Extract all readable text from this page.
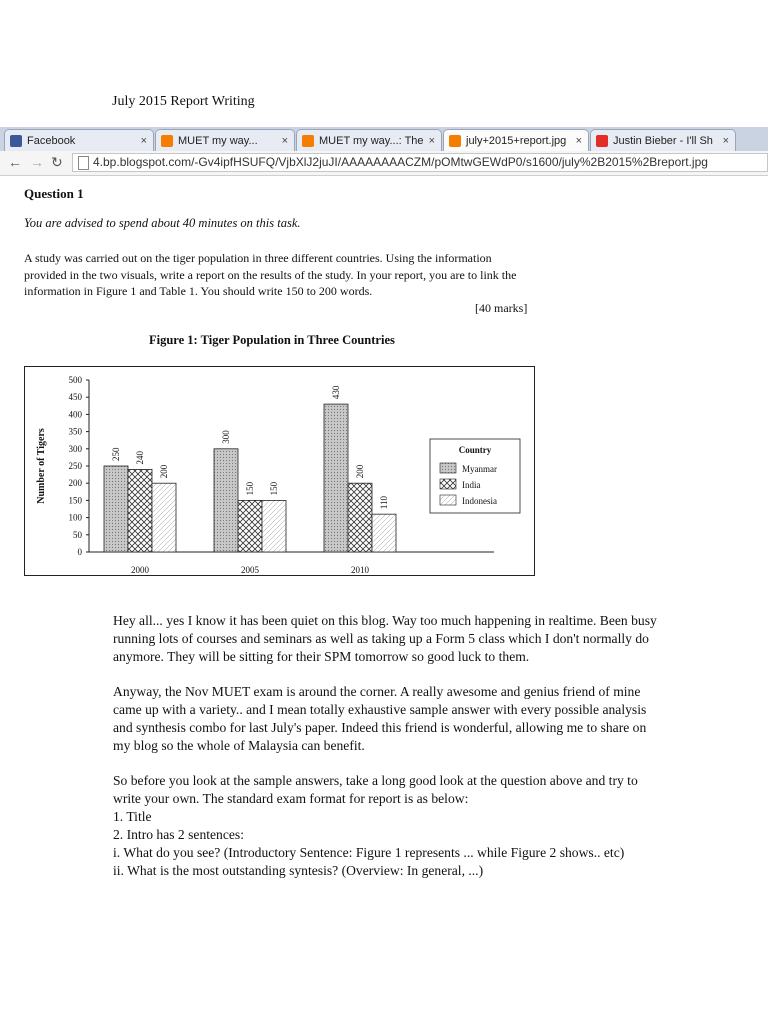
July 2015 Report Writing
Facebook	×	MUET my way... ×	MUET my way...: The ×	july+2015+report.jpg ×	Justin Bieber - I'll Sh ×
← → ↻	4.bp.blogspot.com/-Gv4ipfHSUFQ/VjbXlJ2juJI/AAAAAAAACZM/pOMtwGEWdP0/s1600/july%2B2015%2Breport.jpg
Question 1
You are advised to spend about 40 minutes on this task.
A study was carried out on the tiger population in three different countries. Using the information provided in the two visuals, write a report on the results of the study. In your report, you are to link the information in Figure 1 and Table 1. You should write 150 to 200 words.
[40 marks]
Figure 1: Tiger Population in Three Countries
0
50
100
150
200
250
300
350
400
450
500
Number of Tigers	250 240
200
2000
300
150 150
2005
430
200
110
2010
Country
Myanmar
India
Indonesia

Hey all... yes I know it has been quiet on this blog. Way too much happening in realtime. Been busy running lots of courses and seminars as well as taking up a Form 5 class which I don't normally do anymore. They will be sitting for their SPM tomorrow so good luck to them.

Anyway, the Nov MUET exam is around the corner. A really awesome and genius friend of mine came up with a variety.. and I mean totally exhaustive sample answer with every possible analysis and synthesis combo for last July's paper. Indeed this friend is wonderful, allowing me to share on my blog so the whole of Malaysia can benefit.

So before you look at the sample answers, take a long good look at the question above and try to write your own. The standard exam format for report is as below:
1. Title
2. Intro has 2 sentences:
i. What do you see? (Introductory Sentence: Figure 1 represents ... while Figure 2 shows.. etc)
ii. What is the most outstanding syntesis? (Overview: In general, ...)
